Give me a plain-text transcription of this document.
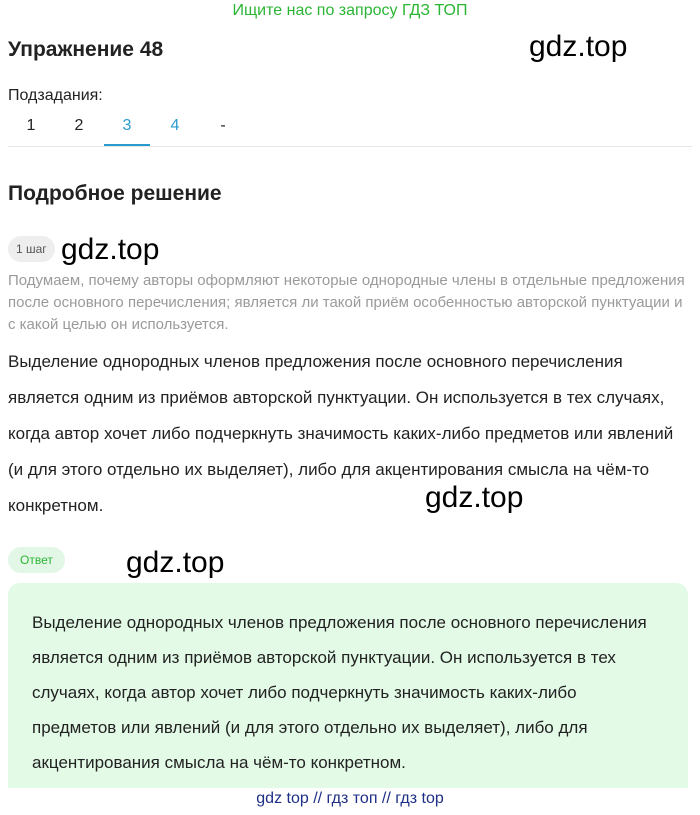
Ищите нас по запросу ГДЗ ТОП
Упражнение 48	gdz.top
Подзадания:
1	2	3	4	-
Подробное решение
1 шаг gdz.top
Подумаем, почему авторы оформляют некоторые однородные члены в отдельные предложения после основного перечисления; является ли такой приём особенностью авторской пунктуации и с какой целью он используется.
Выделение однородных членов предложения после основного перечисления является одним из приёмов авторской пунктуации. Он используется в тех случаях, когда автор хочет либо подчеркнуть значимость каких-либо предметов или явлений (и для этого отдельно их выделяет), либо для акцентирования смысла на чём-то конкретном.	gdz.top
Ответ	gdz.top
Выделение однородных членов предложения после основного перечисления является одним из приёмов авторской пунктуации. Он используется в тех случаях, когда автор хочет либо подчеркнуть значимость каких-либо предметов или явлений (и для этого отдельно их выделяет), либо для акцентирования смысла на чём-то конкретном.
gdz top // гдз топ // гдз top
